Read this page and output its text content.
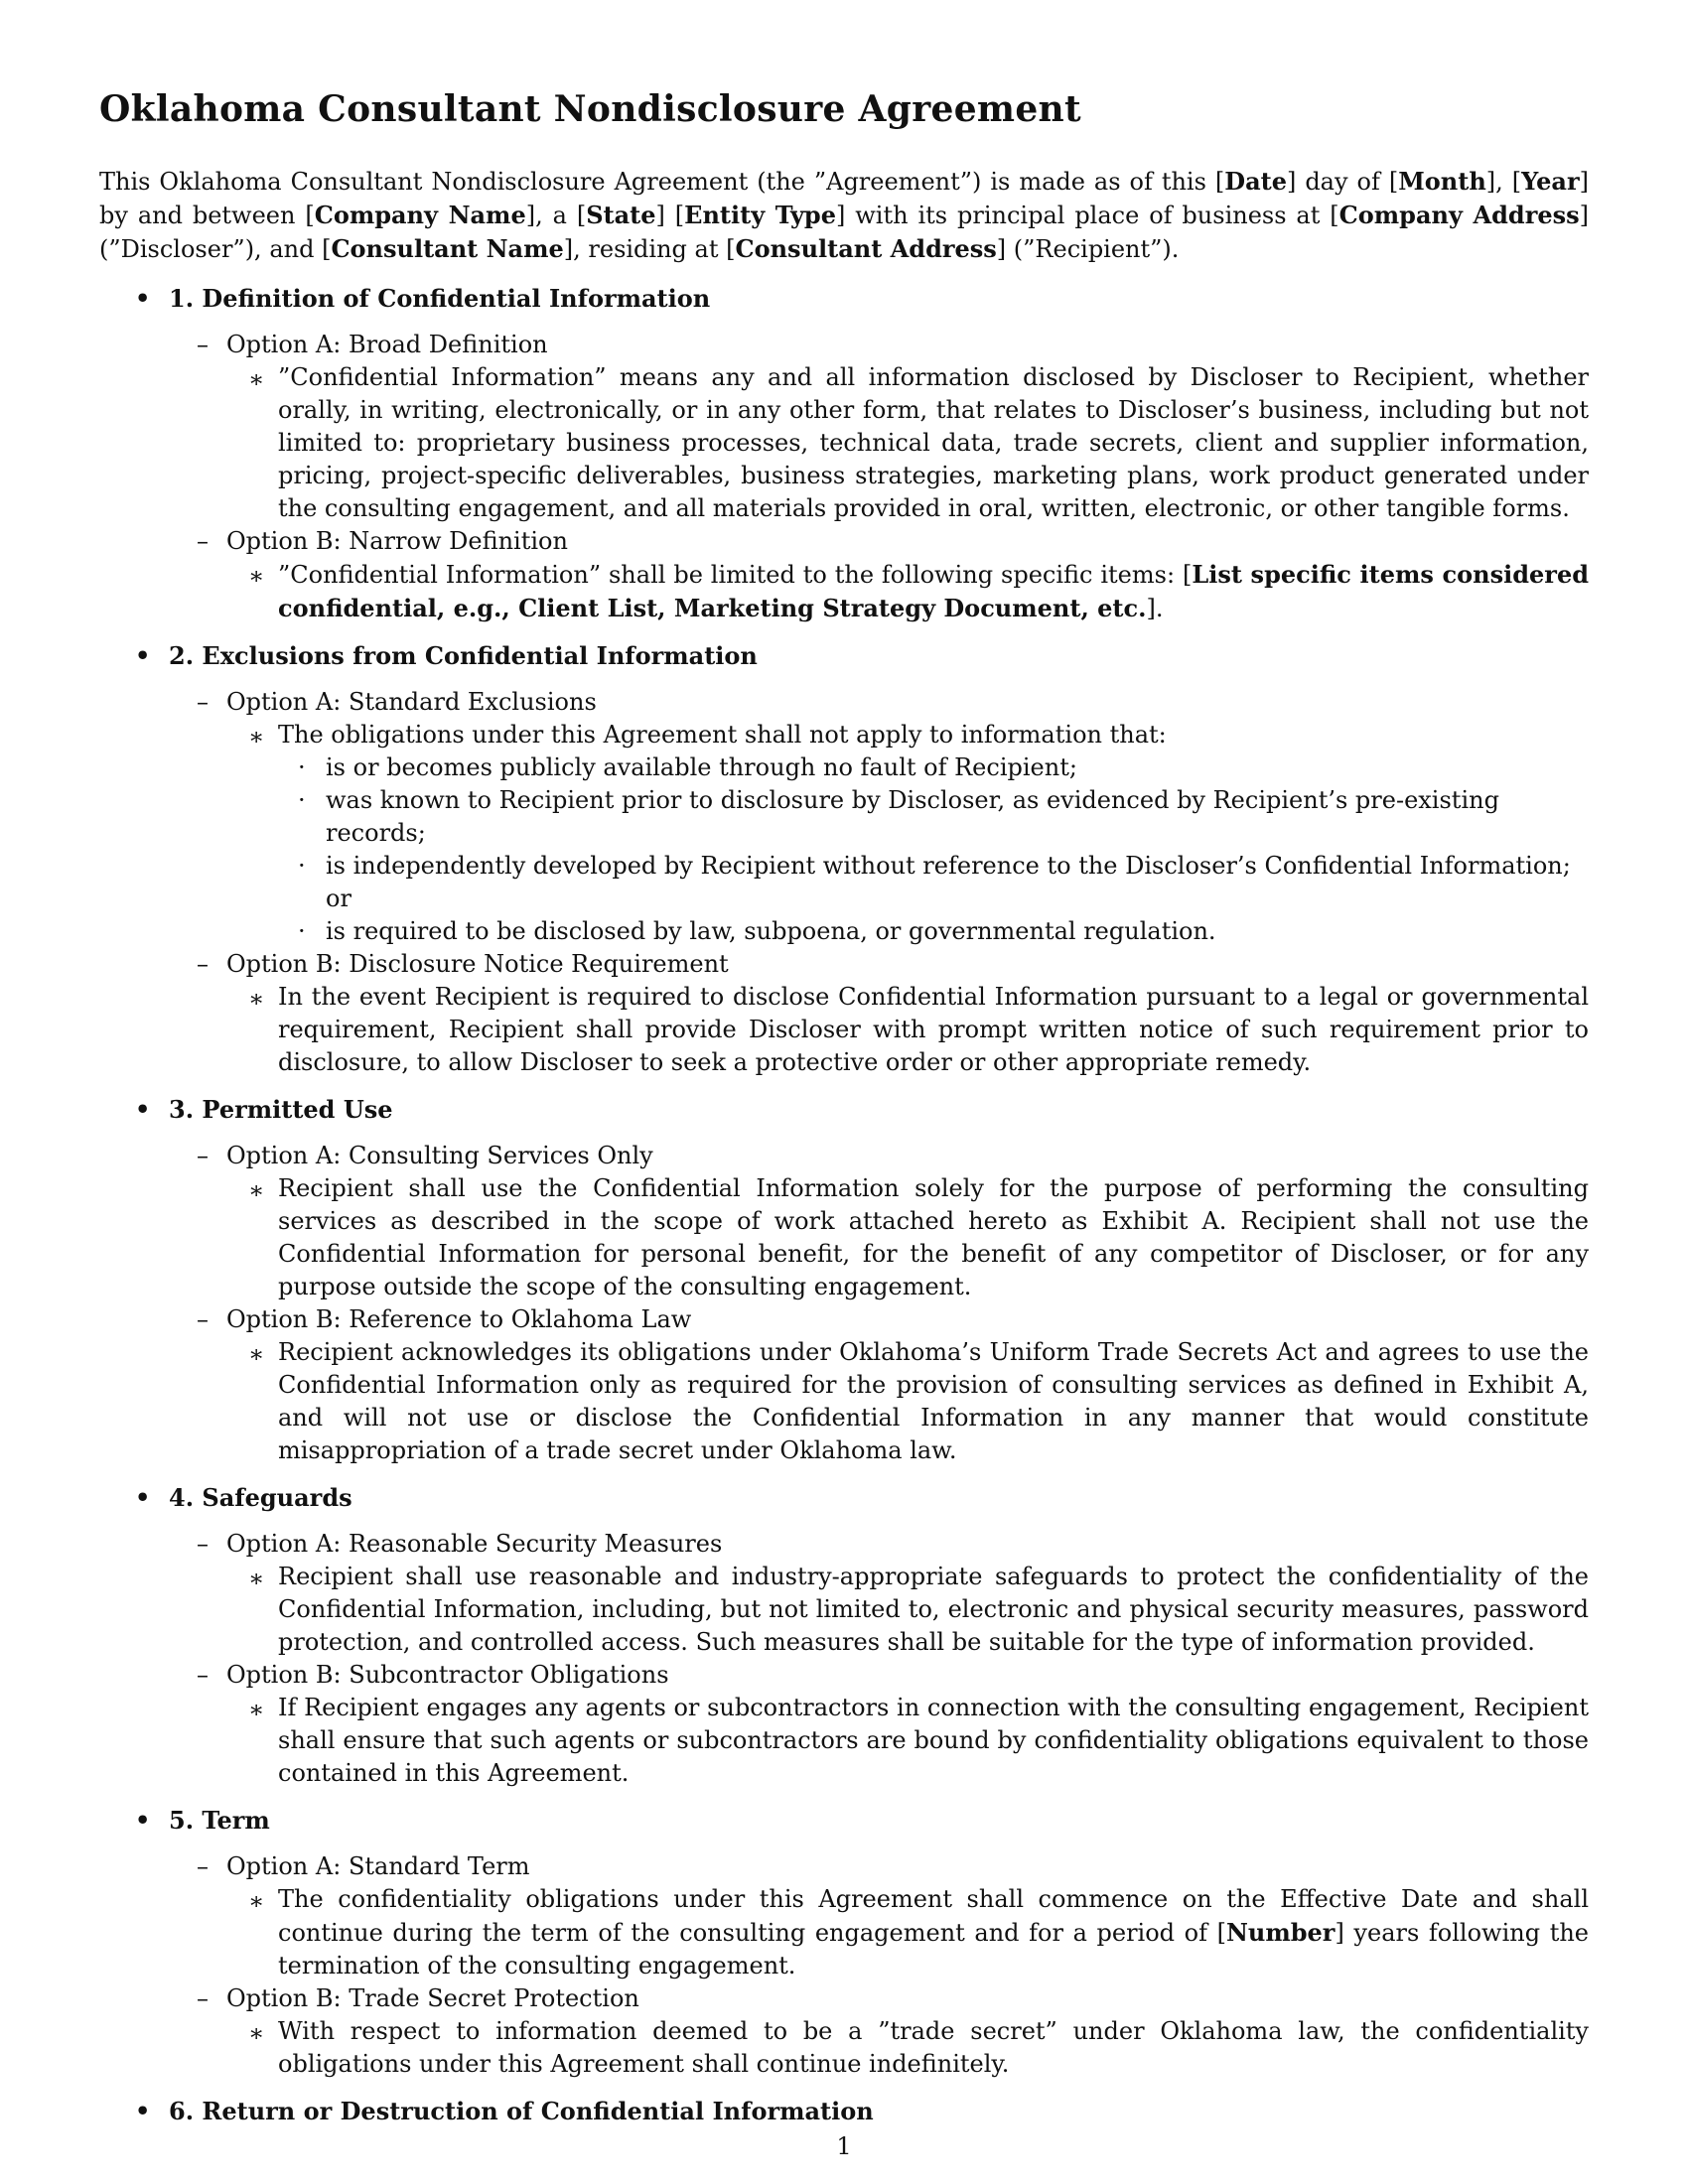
Oklahoma Consultant Nondisclosure Agreement

This Oklahoma Consultant Nondisclosure Agreement (the ”Agreement”) is made as of this [Date] day of [Month], [Year] by and between [Company Name], a [State] [Entity Type] with its principal place of business at [Company Address] (”Discloser”), and [Consultant Name], residing at [Consultant Address] (”Recipient”).

• 1. Definition of Confidential Information
– Option A: Broad Definition
∗ ”Confidential Information” means any and all information disclosed by Discloser to Recipient, whether orally, in writing, electronically, or in any other form, that relates to Discloser’s business, including but not limited to: proprietary business processes, technical data, trade secrets, client and supplier information, pricing, project-specific deliverables, business strategies, marketing plans, work product generated under the consulting engagement, and all materials provided in oral, written, electronic, or other tangible forms.
– Option B: Narrow Definition
∗ ”Confidential Information” shall be limited to the following specific items: [List specific items considered confidential, e.g., Client List, Marketing Strategy Document, etc.].
• 2. Exclusions from Confidential Information
– Option A: Standard Exclusions
∗ The obligations under this Agreement shall not apply to information that:
· is or becomes publicly available through no fault of Recipient;
· was known to Recipient prior to disclosure by Discloser, as evidenced by Recipient’s pre-existing records;
· is independently developed by Recipient without reference to the Discloser’s Confidential Information; or
· is required to be disclosed by law, subpoena, or governmental regulation.
– Option B: Disclosure Notice Requirement
∗ In the event Recipient is required to disclose Confidential Information pursuant to a legal or governmental requirement, Recipient shall provide Discloser with prompt written notice of such requirement prior to disclosure, to allow Discloser to seek a protective order or other appropriate remedy.
• 3. Permitted Use
– Option A: Consulting Services Only
∗ Recipient shall use the Confidential Information solely for the purpose of performing the consulting services as described in the scope of work attached hereto as Exhibit A. Recipient shall not use the Confidential Information for personal benefit, for the benefit of any competitor of Discloser, or for any purpose outside the scope of the consulting engagement.
– Option B: Reference to Oklahoma Law
∗ Recipient acknowledges its obligations under Oklahoma’s Uniform Trade Secrets Act and agrees to use the Confidential Information only as required for the provision of consulting services as defined in Exhibit A, and will not use or disclose the Confidential Information in any manner that would constitute misappropriation of a trade secret under Oklahoma law.
• 4. Safeguards
– Option A: Reasonable Security Measures
∗ Recipient shall use reasonable and industry-appropriate safeguards to protect the confidentiality of the Confidential Information, including, but not limited to, electronic and physical security measures, password protection, and controlled access. Such measures shall be suitable for the type of information provided.
– Option B: Subcontractor Obligations
∗ If Recipient engages any agents or subcontractors in connection with the consulting engagement, Recipient shall ensure that such agents or subcontractors are bound by confidentiality obligations equivalent to those contained in this Agreement.
• 5. Term
– Option A: Standard Term
∗ The confidentiality obligations under this Agreement shall commence on the Effective Date and shall continue during the term of the consulting engagement and for a period of [Number] years following the termination of the consulting engagement.
– Option B: Trade Secret Protection
∗ With respect to information deemed to be a ”trade secret” under Oklahoma law, the confidentiality obligations under this Agreement shall continue indefinitely.
• 6. Return or Destruction of Confidential Information
1
